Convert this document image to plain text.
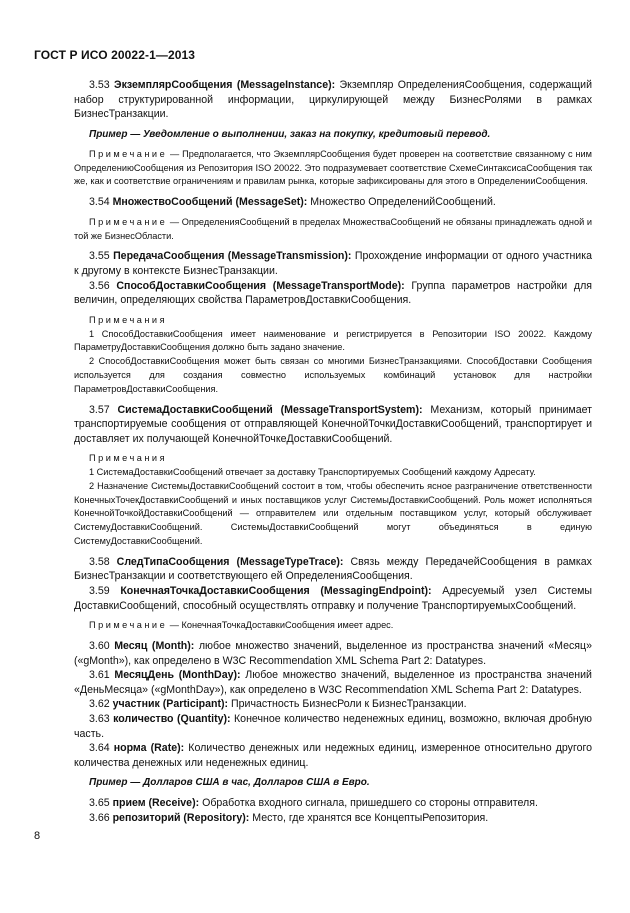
ГОСТ Р ИСО 20022-1—2013

3.53 ЭкземплярСообщения (MessageInstance): Экземпляр ОпределенияСообщения, содержащий набор структурированной информации, циркулирующей между БизнесРолями в рамках БизнесТранзакции.

Пример — Уведомление о выполнении, заказ на покупку, кредитовый перевод.

Примечание — Предполагается, что ЭкземплярСообщения будет проверен на соответствие связанному с ним ОпределениюСообщения из Репозитория ISO 20022. Это подразумевает соответствие СхемеСинтаксисаСообщения так же, как и соответствие ограничениям и правилам рынка, которые зафиксированы для этого в ОпределенииСообщения.

3.54 МножествоСообщений (MessageSet): Множество ОпределенийСообщений.

Примечание — ОпределенияСообщений в пределах МножестваСообщений не обязаны принадлежать одной и той же БизнесОбласти.

3.55 ПередачаСообщения (MessageTransmission): Прохождение информации от одного участника к другому в контексте БизнесТранзакции.

3.56 СпособДоставкиСообщения (MessageTransportMode): Группа параметров настройки для величин, определяющих свойства ПараметровДоставкиСообщения.

Примечания

1 СпособДоставкиСообщения имеет наименование и регистрируется в Репозитории ISO 20022. Каждому ПараметруДоставкиСообщения должно быть задано значение.

2 СпособДоставкиСообщения может быть связан со многими БизнесТранзакциями. СпособДоставки Сообщения используется для создания совместно используемых комбинаций установок для настройки ПараметровДоставкиСообщения.

3.57 СистемаДоставкиСообщений (MessageTransportSystem): Механизм, который принимает транспортируемые сообщения от отправляющей КонечнойТочкиДоставкиСообщений, транспортирует и доставляет их получающей КонечнойТочкеДоставкиСообщений.

Примечания

1 СистемаДоставкиСообщений отвечает за доставку Транспортируемых Сообщений каждому Адресату.

2 Назначение СистемыДоставкиСообщений состоит в том, чтобы обеспечить ясное разграничение ответственности КонечныхТочекДоставкиСообщений и иных поставщиков услуг СистемыДоставкиСообщений. Роль может исполняться КонечнойТочкойДоставкиСообщений — отправителем или отдельным поставщиком услуг, который обслуживает СистемуДоставкиСообщений. СистемыДоставкиСообщений могут объединяться в единую СистемуДоставкиСообщений.

3.58 СледТипаСообщения (MessageTypeTrace): Связь между ПередачейСообщения в рамках БизнесТранзакции и соответствующего ей ОпределенияСообщения.

3.59 КонечнаяТочкаДоставкиСообщения (MessagingEndpoint): Адресуемый узел Системы ДоставкиСообщений, способный осуществлять отправку и получение ТранспортируемыхСообщений.

Примечание — КонечнаяТочкаДоставкиСообщения имеет адрес.

3.60 Месяц (Month): любое множество значений, выделенное из пространства значений «Месяц» («gMonth»), как определено в W3C Recommendation XML Schema Part 2: Datatypes.

3.61 МесяцДень (MonthDay): Любое множество значений, выделенное из пространства значений «ДеньМесяца» («gMonthDay»), как определено в W3C Recommendation XML Schema Part 2: Datatypes.

3.62 участник (Participant): Причастность БизнесРоли к БизнесТранзакции.

3.63 количество (Quantity): Конечное количество неденежных единиц, возможно, включая дробную часть.

3.64 норма (Rate): Количество денежных или недежных единиц, измеренное относительно другого количества денежных или неденежных единиц.

Пример — Долларов США в час, Долларов США в Евро.

3.65 прием (Receive): Обработка входного сигнала, пришедшего со стороны отправителя.

3.66 репозиторий (Repository): Место, где хранятся все КонцептыРепозитория.

8
